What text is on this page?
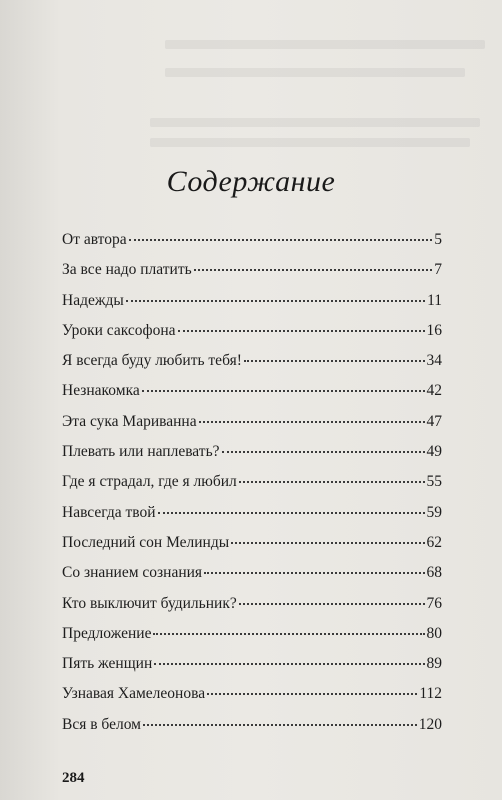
Содержание
От автора	5
За все надо платить	7
Надежды	11
Уроки саксофона	16
Я всегда буду любить тебя!	34
Незнакомка	42
Эта сука Мариванна	47
Плевать или наплевать?	49
Где я страдал, где я любил	55
Навсегда твой	59
Последний сон Мелинды	62
Со знанием сознания	68
Кто выключит будильник?	76
Предложение	80
Пять женщин	89
Узнавая Хамелеонова	112
Вся в белом	120
284
